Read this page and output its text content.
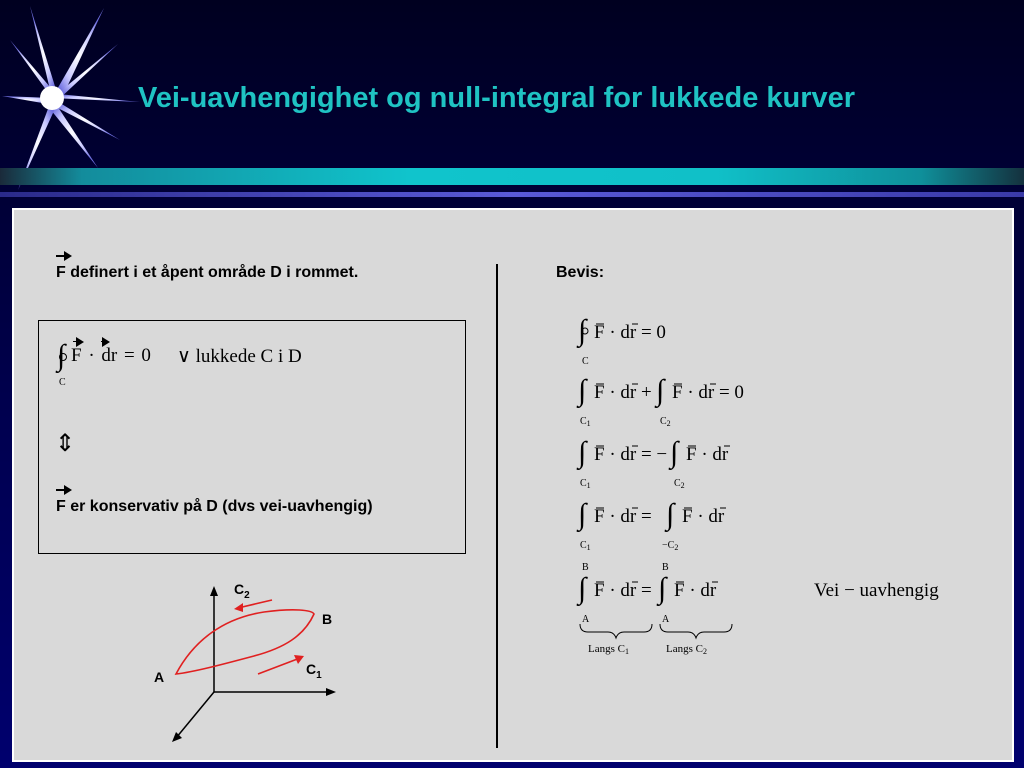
Vei-uavhengighet og null-integral for lukkede kurver
F definert i et åpent område D i rommet.
∫ F · dr = 0
C
∨ lukkede C i D
⇕
F er konservativ på D (dvs vei-uavhengig)
$C_2$
B
$C_1$
A
Bevis:
∫ F · dr = 0
C
∫ F · dr + ∫ F · dr = 0
$C_1$	$C_2$
∫ F · dr = − ∫ F · dr
$C_1$	$C_2$
∫ F · dr = ∫ F · dr
$C_1$	$-C_2$
B
∫ F · dr =
B
∫ F · dr
A	A
Vei − uavhengig
Langs C1	Langs C2
